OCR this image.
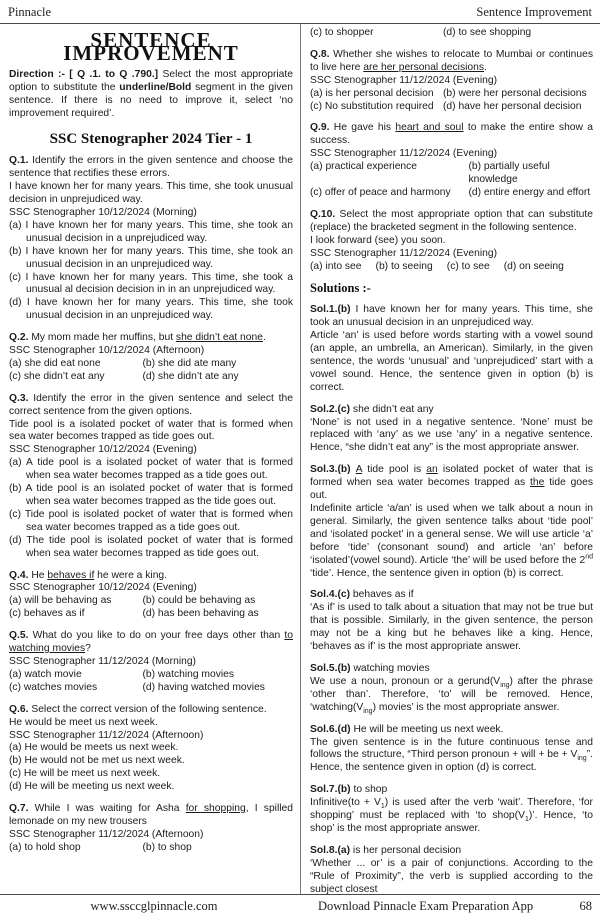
Pinnacle	Sentence Improvement
SENTENCE IMPROVEMENT
Direction :- [ Q .1. to Q .790.] Select the most appropriate option to substitute the underline/Bold segment in the given sentence. If there is no need to improve it, select ‘no improvement required’.
SSC Stenographer 2024 Tier - 1
Q.1. Identify the errors in the given sentence and choose the sentence that rectifies these errors.
I have known her for many years. This time, she took unusual decision in unprejudiced way.
SSC Stenographer 10/12/2024 (Morning)
(a) I have known her for many years. This time, she took an unusual decision in a unprejudiced way.
(b) I have known her for many years. This time, she took an unusual decision in an unprejudiced way.
(c) I have known her for many years. This time, she took a unusual al decision decision in in an unprejudiced way.
(d) I have known her for many years. This time, she took unusual decision in an unprejudiced way.
Q.2. My mom made her muffins, but she didn’t eat none.
SSC Stenographer 10/12/2024 (Afternoon)
(a) she did eat none	(b) she did ate many
(c) she didn’t eat any	(d) she didn’t ate any
Q.3. Identify the error in the given sentence and select the correct sentence from the given options.
Tide pool is a isolated pocket of water that is formed when sea water becomes trapped as tide goes out.
SSC Stenographer 10/12/2024 (Evening)
(a) A tide pool is a isolated pocket of water that is formed when sea water becomes trapped as a tide goes out.
(b) A tide pool is an isolated pocket of water that is formed when sea water becomes trapped as the tide goes out.
(c) Tide pool is isolated pocket of water that is formed when sea water becomes trapped as a tide goes out.
(d) The tide pool is isolated pocket of water that is formed when sea water becomes trapped as tide goes out.
Q.4. He behaves if he were a king.
SSC Stenographer 10/12/2024 (Evening)
(a) will be behaving as	(b) could be behaving as
(c) behaves as if	(d) has been behaving as
Q.5. What do you like to do on your free days other than to watching movies?
SSC Stenographer 11/12/2024 (Morning)
(a) watch movie	(b) watching movies
(c) watches movies	(d) having watched movies
Q.6. Select the correct version of the following sentence.
He would be meet us next week.
SSC Stenographer 11/12/2024 (Afternoon)
(a) He would be meets us next week.
(b) He would not be met us next week.
(c) He will be meet us next week.
(d) He will be meeting us next week.
Q.7. While I was waiting for Asha for shopping, I spilled lemonade on my new trousers
SSC Stenographer 11/12/2024 (Afternoon)
(a) to hold shop	(b) to shop
(c) to shopper	(d) to see shopping
Q.8. Whether she wishes to relocate to Mumbai or continues to live here are her personal decisions.
SSC Stenographer 11/12/2024 (Evening)
(a) is her personal decision (b) were her personal decisions
(c) No substitution required (d) have her personal decision
Q.9. He gave his heart and soul to make the entire show a success.
SSC Stenographer 11/12/2024 (Evening)
(a) practical experience	(b) partially useful knowledge
(c) offer of peace and harmony	(d) entire energy and effort
Q.10. Select the most appropriate option that can substitute (replace) the bracketed segment in the following sentence.
I look forward (see) you soon.
SSC Stenographer 11/12/2024 (Evening)
(a) into see (b) to seeing (c) to see (d) on seeing
Solutions :-
Sol.1.(b) I have known her for many years. This time, she took an unusual decision in an unprejudiced way.
Article ‘an’ is used before words starting with a vowel sound (an apple, an umbrella, an American). Similarly, in the given sentence, the words ‘unusual’ and ‘unprejudiced’ start with a vowel sound. Hence, the sentence given in option (b) is correct.
Sol.2.(c) she didn’t eat any
‘None’ is not used in a negative sentence. ‘None’ must be replaced with ‘any’ as we use ‘any’ in a negative sentence. Hence, “she didn’t eat any” is the most appropriate answer.
Sol.3.(b) A tide pool is an isolated pocket of water that is formed when sea water becomes trapped as the tide goes out.
Indefinite article ‘a/an’ is used when we talk about a noun in general. Similarly, the given sentence talks about ‘tide pool’ and ‘isolated pocket’ in a general sense. We will use article ‘a’ before ‘tide’ (consonant sound) and article ‘an’ before ‘isolated’(vowel sound). Article ‘the’ will be used before the 2nd ‘tide’. Hence, the sentence given in option (b) is correct.
Sol.4.(c) behaves as if
‘As if’ is used to talk about a situation that may not be true but that is possible. Similarly, in the given sentence, the person may not be a king but he behaves like a king. Hence, ‘behaves as if’ is the most appropriate answer.
Sol.5.(b) watching movies
We use a noun, pronoun or a $gerund(V_{ing})$ after the phrase ‘other than’. Therefore, ‘to’ will be removed. Hence, ‘$watching(V_{ing})$ movies’ is the most appropriate answer.
Sol.6.(d) He will be meeting us next week.
The given sentence is in the future continuous tense and follows the structure, “Third person pronoun + will + be + $V_{ing}$”. Hence, the sentence given in option (d) is correct.
Sol.7.(b) to shop
Infinitive(to + $V_1$) is used after the verb ‘wait’. Therefore, ‘for shopping’ must be replaced with ‘to $shop(V_1)$’. Hence, ‘to shop’ is the most appropriate answer.
Sol.8.(a) is her personal decision
‘Whether ... or’ is a pair of conjunctions. According to the “Rule of Proximity”, the verb is supplied according to the subject closest
www.ssccglpinnacle.com	Download Pinnacle Exam Preparation App	68
